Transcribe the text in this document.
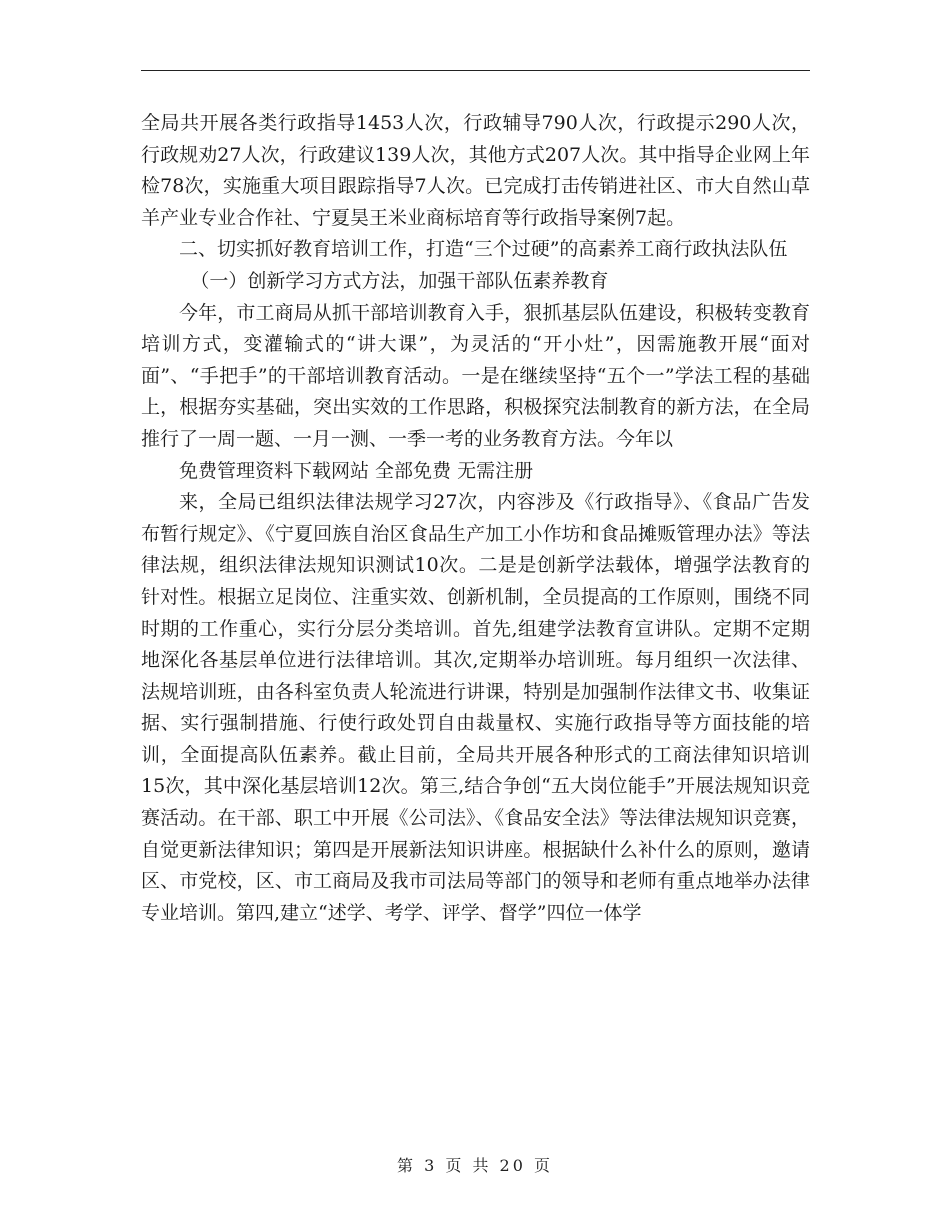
全局共开展各类行政指导1453人次，行政辅导790人次，行政提示290人次，行政规劝27人次，行政建议139人次，其他方式207人次。其中指导企业网上年检78次，实施重大项目跟踪指导7人次。已完成打击传销进社区、市大自然山草羊产业专业合作社、宁夏昊王米业商标培育等行政指导案例7起。

二、切实抓好教育培训工作，打造“三个过硬”的高素养工商行政执法队伍

（一）创新学习方式方法，加强干部队伍素养教育

今年，市工商局从抓干部培训教育入手，狠抓基层队伍建设，积极转变教育培训方式，变灌输式的“讲大课”，为灵活的“开小灶”，因需施教开展“面对面”、“手把手”的干部培训教育活动。一是在继续坚持“五个一”学法工程的基础上，根据夯实基础，突出实效的工作思路，积极探究法制教育的新方法，在全局推行了一周一题、一月一测、一季一考的业务教育方法。今年以

免费管理资料下载网站 全部免费 无需注册

来，全局已组织法律法规学习27次，内容涉及《行政指导》、《食品广告发布暂行规定》、《宁夏回族自治区食品生产加工小作坊和食品摊贩管理办法》等法律法规，组织法律法规知识测试10次。二是是创新学法载体，增强学法教育的针对性。根据立足岗位、注重实效、创新机制，全员提高的工作原则，围绕不同时期的工作重心，实行分层分类培训。首先,组建学法教育宣讲队。定期不定期地深化各基层单位进行法律培训。其次,定期举办培训班。每月组织一次法律、法规培训班，由各科室负责人轮流进行讲课，特别是加强制作法律文书、收集证据、实行强制措施、行使行政处罚自由裁量权、实施行政指导等方面技能的培训，全面提高队伍素养。截止目前，全局共开展各种形式的工商法律知识培训15次，其中深化基层培训12次。第三,结合争创“五大岗位能手”开展法规知识竞赛活动。在干部、职工中开展《公司法》、《食品安全法》等法律法规知识竞赛，自觉更新法律知识；第四是开展新法知识讲座。根据缺什么补什么的原则，邀请区、市党校，区、市工商局及我市司法局等部门的领导和老师有重点地举办法律专业培训。第四,建立“述学、考学、评学、督学”四位一体学

第 3 页 共 20 页
